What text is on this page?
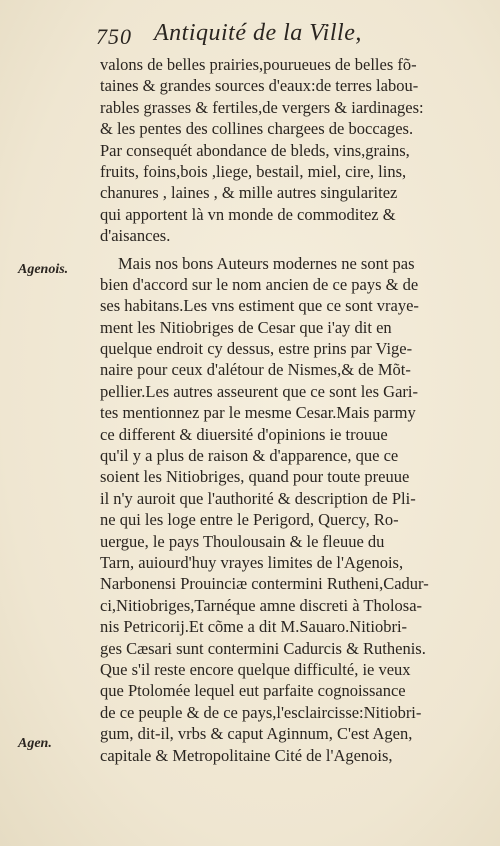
750 Antiquité de la Ville,
Agenois.
Agen.
valons de belles prairies,pourueues de belles fõ-
taines & grandes sources d'eaux:de terres labou-
rables grasses & fertiles,de vergers & iardinages:
& les pentes des collines chargees de boccages.
Par consequét abondance de bleds, vins,grains,
fruits, foins,bois ,liege, bestail, miel, cire, lins,
chanures , laines , & mille autres singularitez
qui apportent là vn monde de commoditez &
d'aisances.
Mais nos bons Auteurs modernes ne sont pas
bien d'accord sur le nom ancien de ce pays & de
ses habitans.Les vns estiment que ce sont vraye-
ment les Nitiobriges de Cesar que i'ay dit en
quelque endroit cy dessus, estre prins par Vige-
naire pour ceux d'alétour de Nismes,& de Mõt-
pellier.Les autres asseurent que ce sont les Gari-
tes mentionnez par le mesme Cesar.Mais parmy
ce different & diuersité d'opinions ie trouue
qu'il y a plus de raison & d'apparence, que ce
soient les Nitiobriges, quand pour toute preuue
il n'y auroit que l'authorité & description de Pli-
ne qui les loge entre le Perigord, Quercy, Ro-
uergue, le pays Thoulousain & le fleuue du
Tarn, auiourd'huy vrayes limites de l'Agenois,
Narbonensi Prouinciæ contermini Rutheni,Cadur-
ci,Nitiobriges,Tarnéque amne discreti à Tholosa-
nis Petricorij.Et cõme a dit M.Sauaro.Nitiobri-
ges Cæsari sunt contermini Cadurcis & Ruthenis.
Que s'il reste encore quelque difficulté, ie veux
que Ptolomée lequel eut parfaite cognoissance
de ce peuple & de ce pays,l'esclaircisse:Nitiobri-
gum, dit-il, vrbs & caput Aginnum, C'est Agen,
capitale & Metropolitaine Cité de l'Agenois,
